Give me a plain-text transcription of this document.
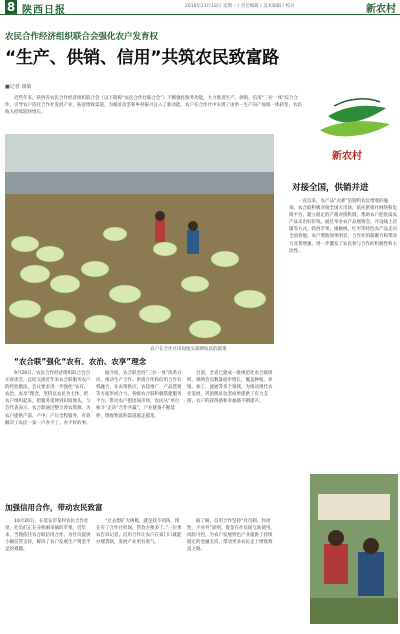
8 陕西日报	2016年11月18日 星期一 / 责任编辑 / 美术编辑 / 校对	新农村
农民合作经济组织联合会强化农户发育权
“生产、供销、信用”共筑农民致富路
■记者 康敏
近些年来，陕西省农民合作经济组织联合会（以下简称“农民合作社联合会”）不断强化服务功能，大力推进生产、供销、信用“三位一体”综合合作，引导农户依托合作社发展产业，拓宽增收渠道，为脱贫攻坚和乡村振兴注入了新动能。农户在合作社中实现了由单一生产向产加销一体转变，农民收入持续较快增长。
新农村
农户在合作社田间地头晾晒收获的蔬菜
“农合联”强化“农有、农治、农享”理念
9月28日，农民合作经济组织联合会召开座谈会，总结交流近年来农合联服务农户的经验做法，会议要求进一步强化“农有、农治、农享”理念，坚持以农民为主体，把农户组织起来，把服务延伸到田间地头。与会代表表示，农合联通过整合涉农资源，为农户提供产前、产中、产后全程服务，有效解决了农民一家一户办不了、办不好的事。
据介绍，农合联坚持“三位一体”改革方向，推动生产合作、供销合作和信用合作有机融合，在农资供应、农技推广、产品营销等方面形成合力。各级农合联积极搭建服务平台，带动农户抱团闯市场，农民从“单打独斗”走向“合作共赢”，产业链条不断延伸，增收致富的渠道越走越宽。
目前，全省已建成一批规范化农合联组织，吸纳会员数量稳步增长，覆盖种植、养殖、加工、流通等多个领域，为推动现代农业发展、巩固脱贫攻坚成果提供了有力支撑，农户的获得感和幸福感不断提升。
加强信用合作，带动农民致富
10月20日，在延安市某村农民合作社里，社员们正在分拣刚采摘的苹果。近年来，当地依托农合联信用合作，为社员提供小额信贷支持，解决了农户发展生产资金不足的难题。
“过去想扩大规模，就是找不到钱，现在有了合作社担保，贷款方便多了。”一位果农告诉记者，信用合作让农户在家门口就能办理贷款，发展产业更有底气。
据了解，信用合作坚持“社员制、封闭性、不对外”原则，资金在社员间互助使用，风险可控，为农户发展特色产业提供了持续稳定的金融支持，带动更多农民走上增收致富之路。
对接全国，供销并进
一直以来，农产品“卖难”是制约农民增收的瓶颈。农合联积极对接全国大市场，依托供销社网络和电商平台，建立稳定的产销对接机制，帮助农户把优质农产品卖出好价钱。通过举办农产品展销会、开设线上店铺等方式，陕西苹果、猕猴桃、红枣等特色农产品走向全国各地。农户增收效果明显，合作社的凝聚力和带动力显著增强，进一步激发了农民参与合作的积极性和主动性。
